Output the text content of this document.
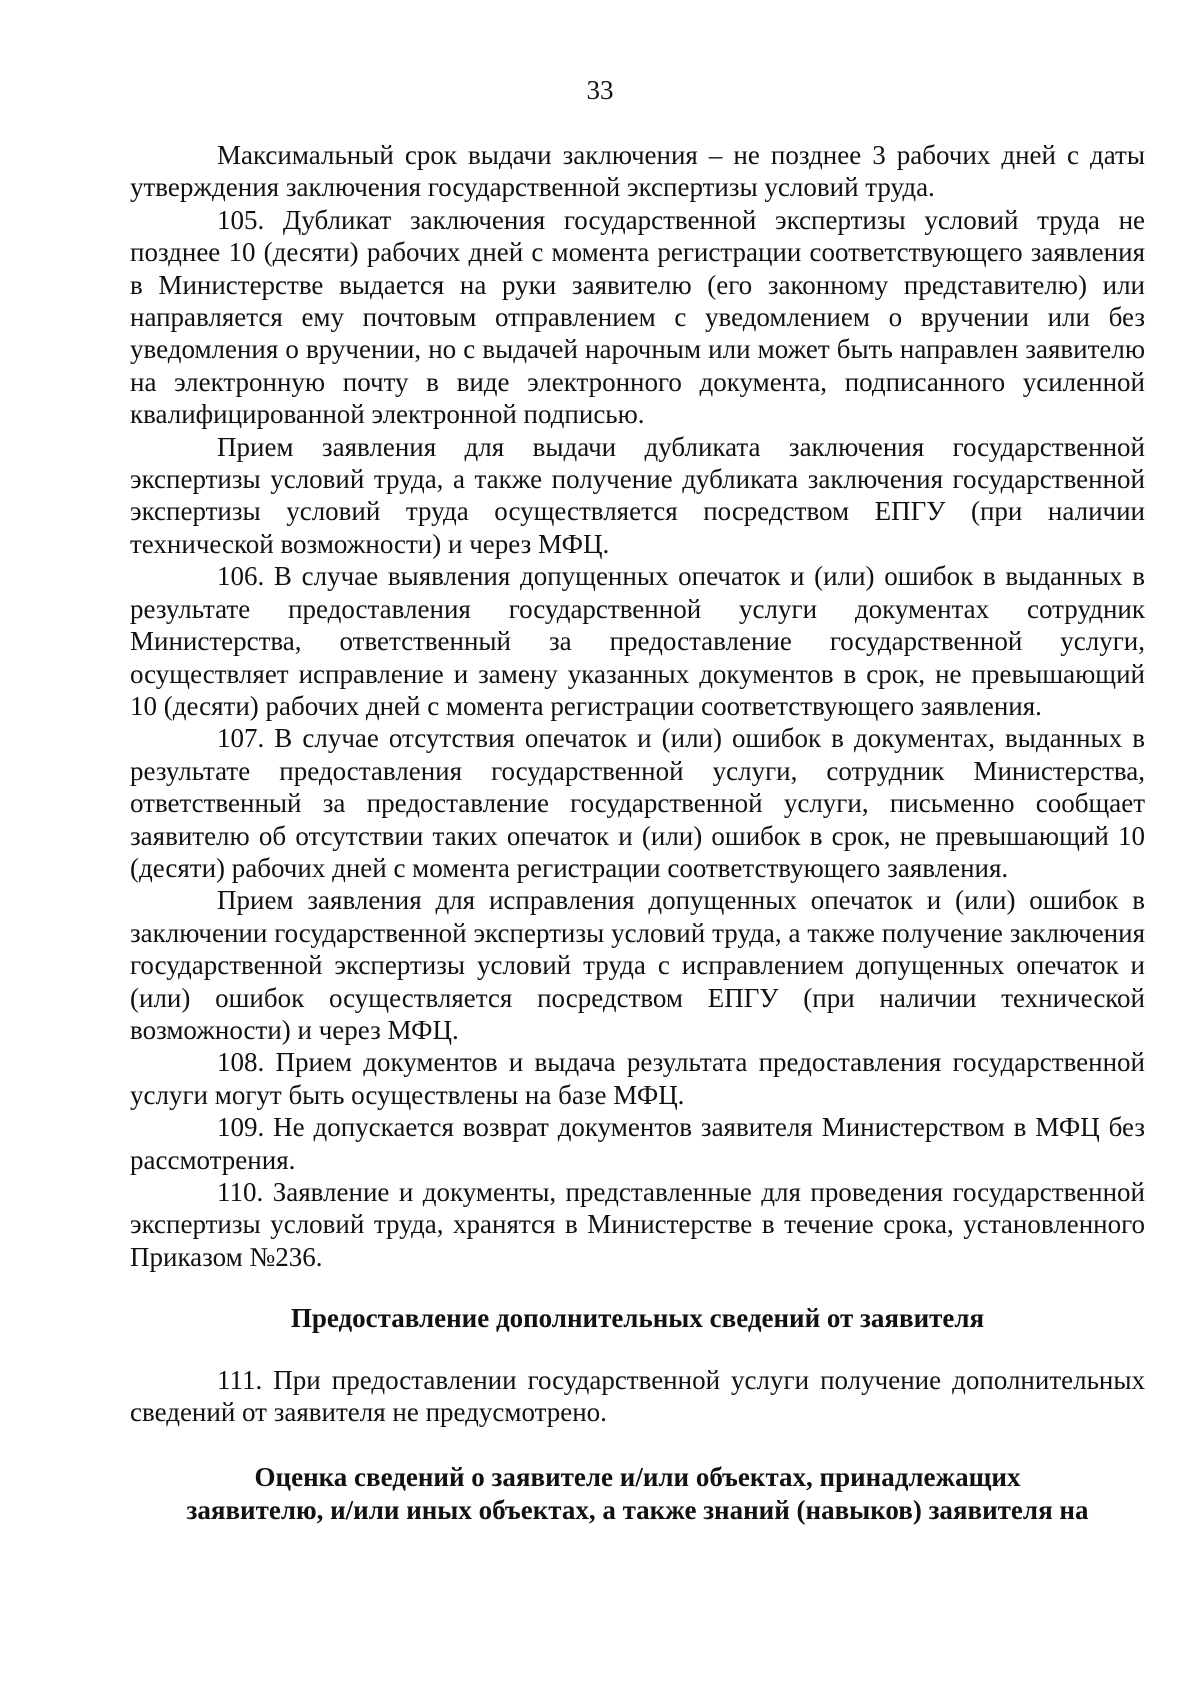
33

Максимальный срок выдачи заключения – не позднее 3 рабочих дней с даты утверждения заключения государственной экспертизы условий труда.

105. Дубликат заключения государственной экспертизы условий труда не позднее 10 (десяти) рабочих дней с момента регистрации соответствующего заявления в Министерстве выдается на руки заявителю (его законному представителю) или направляется ему почтовым отправлением с уведомлением о вручении или без уведомления о вручении, но с выдачей нарочным или может быть направлен заявителю на электронную почту в виде электронного документа, подписанного усиленной квалифицированной электронной подписью.

Прием заявления для выдачи дубликата заключения государственной экспертизы условий труда, а также получение дубликата заключения государственной экспертизы условий труда осуществляется посредством ЕПГУ (при наличии технической возможности) и через МФЦ.

106. В случае выявления допущенных опечаток и (или) ошибок в выданных в результате предоставления государственной услуги документах сотрудник Министерства, ответственный за предоставление государственной услуги, осуществляет исправление и замену указанных документов в срок, не превышающий 10 (десяти) рабочих дней с момента регистрации соответствующего заявления.

107. В случае отсутствия опечаток и (или) ошибок в документах, выданных в результате предоставления государственной услуги, сотрудник Министерства, ответственный за предоставление государственной услуги, письменно сообщает заявителю об отсутствии таких опечаток и (или) ошибок в срок, не превышающий 10 (десяти) рабочих дней с момента регистрации соответствующего заявления.

Прием заявления для исправления допущенных опечаток и (или) ошибок в заключении государственной экспертизы условий труда, а также получение заключения государственной экспертизы условий труда с исправлением допущенных опечаток и (или) ошибок осуществляется посредством ЕПГУ (при наличии технической возможности) и через МФЦ.

108. Прием документов и выдача результата предоставления государственной услуги могут быть осуществлены на базе МФЦ.

109. Не допускается возврат документов заявителя Министерством в МФЦ без рассмотрения.

110. Заявление и документы, представленные для проведения государственной экспертизы условий труда, хранятся в Министерстве в течение срока, установленного Приказом №236.

Предоставление дополнительных сведений от заявителя

111. При предоставлении государственной услуги получение дополнительных сведений от заявителя не предусмотрено.

Оценка сведений о заявителе и/или объектах, принадлежащих

заявителю, и/или иных объектах, а также знаний (навыков) заявителя на
